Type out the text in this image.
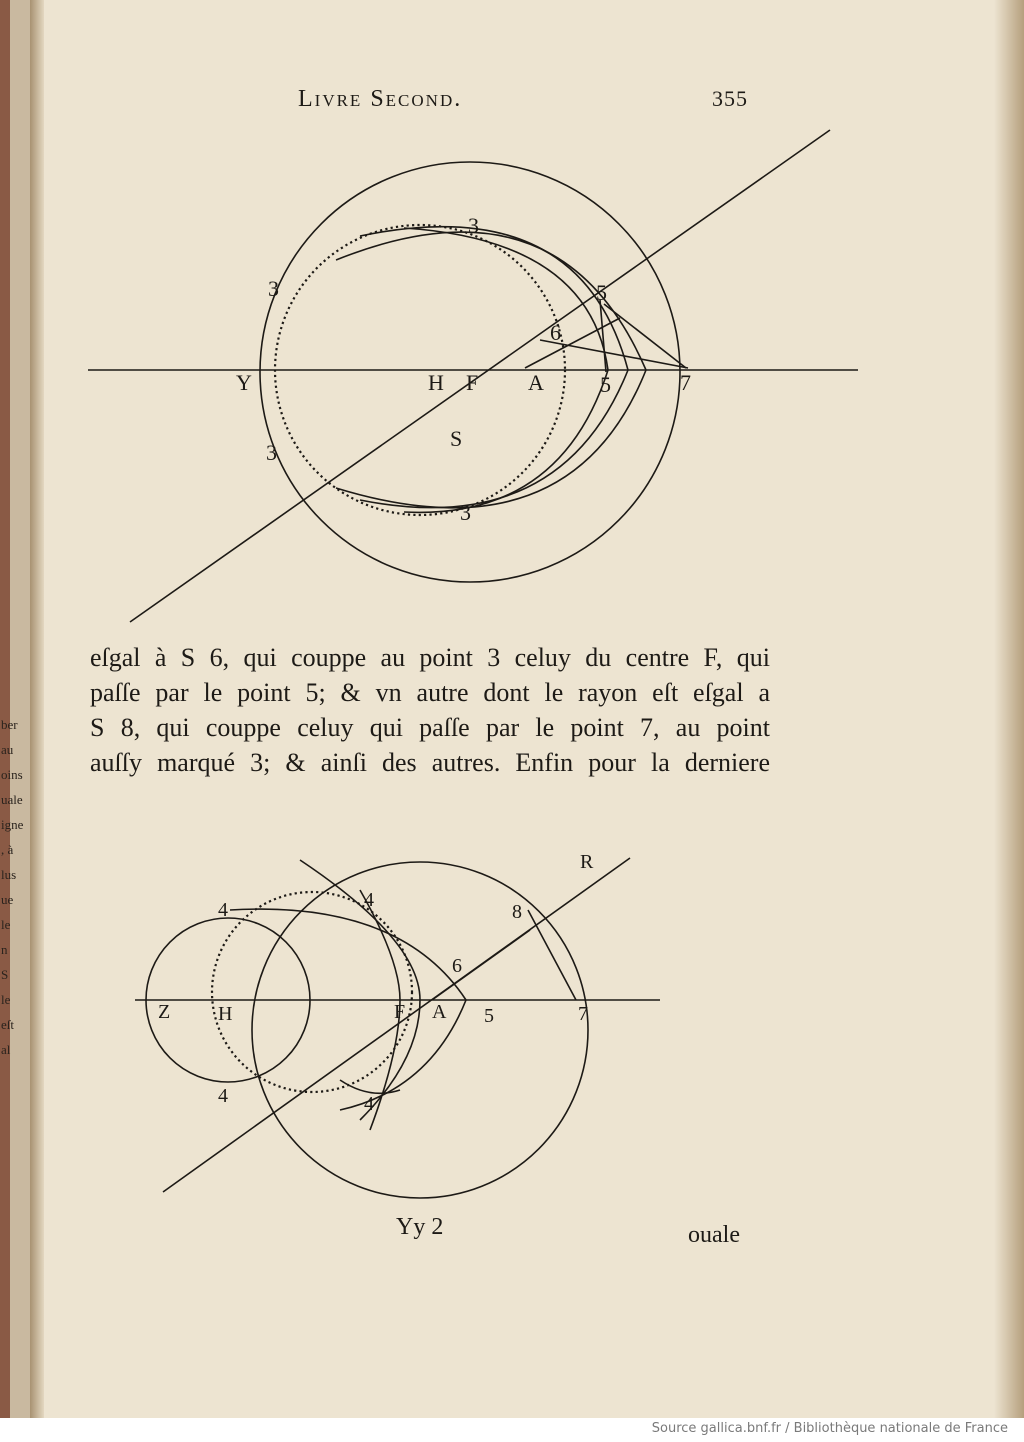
Livre Second.	355
3
3
3
3
5
6
Y	H F A	5	7
S
eſgal à S 6, qui couppe au point 3 celuy du centre F, qui
paſſe par le point 5; & vn autre dont le rayon eſt eſgal a
S 8, qui couppe celuy qui paſſe par le point 7, au point
auſſy marqué 3; & ainſi des autres. Enfin pour la derniere
ber
au
oins
uale
igne
, à
lus
ue
le
n
S
le
eſt
al
4	4
4	4
R
8
6
Z H	F A 5	7
Yy 2	ouale
Source gallica.bnf.fr / Bibliothèque nationale de France
